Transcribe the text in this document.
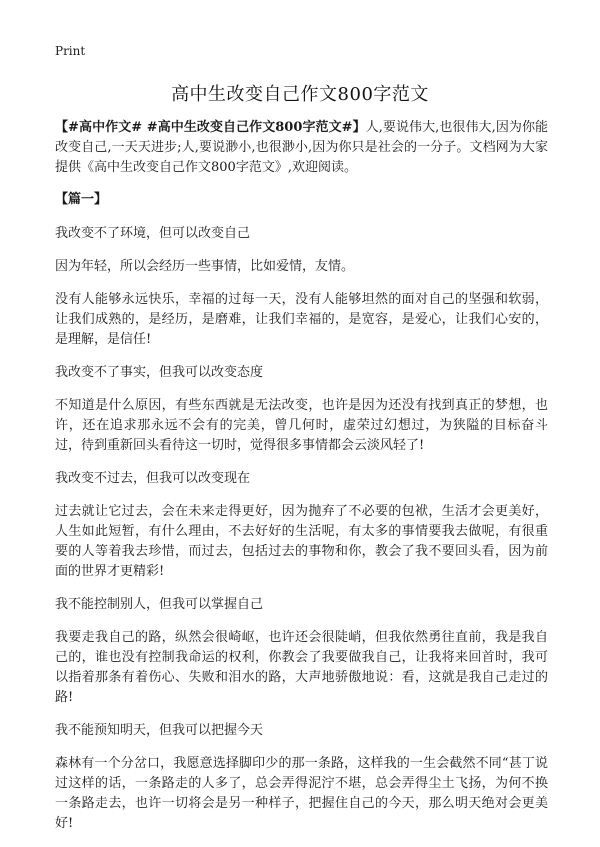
Print
高中生改变自己作文800字范文

【#高中作文# #高中生改变自己作文800字范文#】人,要说伟大,也很伟大,因为你能改变自己,一天天进步;人,要说渺小,也很渺小,因为你只是社会的一分子。文档网为大家提供《高中生改变自己作文800字范文》,欢迎阅读。

【篇一】

我改变不了环境，但可以改变自己

因为年轻，所以会经历一些事情，比如爱情，友情。

没有人能够永远快乐，幸福的过每一天，没有人能够坦然的面对自己的坚强和软弱，让我们成熟的，是经历，是磨难，让我们幸福的，是宽容，是爱心，让我们心安的，是理解，是信任!

我改变不了事实，但我可以改变态度

不知道是什么原因，有些东西就是无法改变，也许是因为还没有找到真正的梦想，也许，还在追求那永远不会有的完美，曾几何时，虚荣过幻想过，为狭隘的目标奋斗过，待到重新回头看待这一切时，觉得很多事情都会云淡风轻了!

我改变不过去，但我可以改变现在

过去就让它过去，会在未来走得更好，因为抛弃了不必要的包袱，生活才会更美好，人生如此短暂，有什么理由，不去好好的生活呢，有太多的事情要我去做呢，有很重要的人等着我去珍惜，而过去，包括过去的事物和你，教会了我不要回头看，因为前面的世界才更精彩!

我不能控制别人，但我可以掌握自己

我要走我自己的路，纵然会很崎岖，也许还会很陡峭，但我依然勇往直前，我是我自己的，谁也没有控制我命运的权利，你教会了我要做我自己，让我将来回首时，我可以指着那条有着伤心、失败和泪水的路，大声地骄傲地说：看，这就是我自己走过的路!

我不能预知明天，但我可以把握今天

森林有一个分岔口，我愿意选择脚印少的那一条路，这样我的一生会截然不同“甚丁说过这样的话，一条路走的人多了，总会弄得泥泞不堪，总会弄得尘土飞扬，为何不换一条路走去，也许一切将会是另一种样子，把握住自己的今天，那么明天绝对会更美好!
